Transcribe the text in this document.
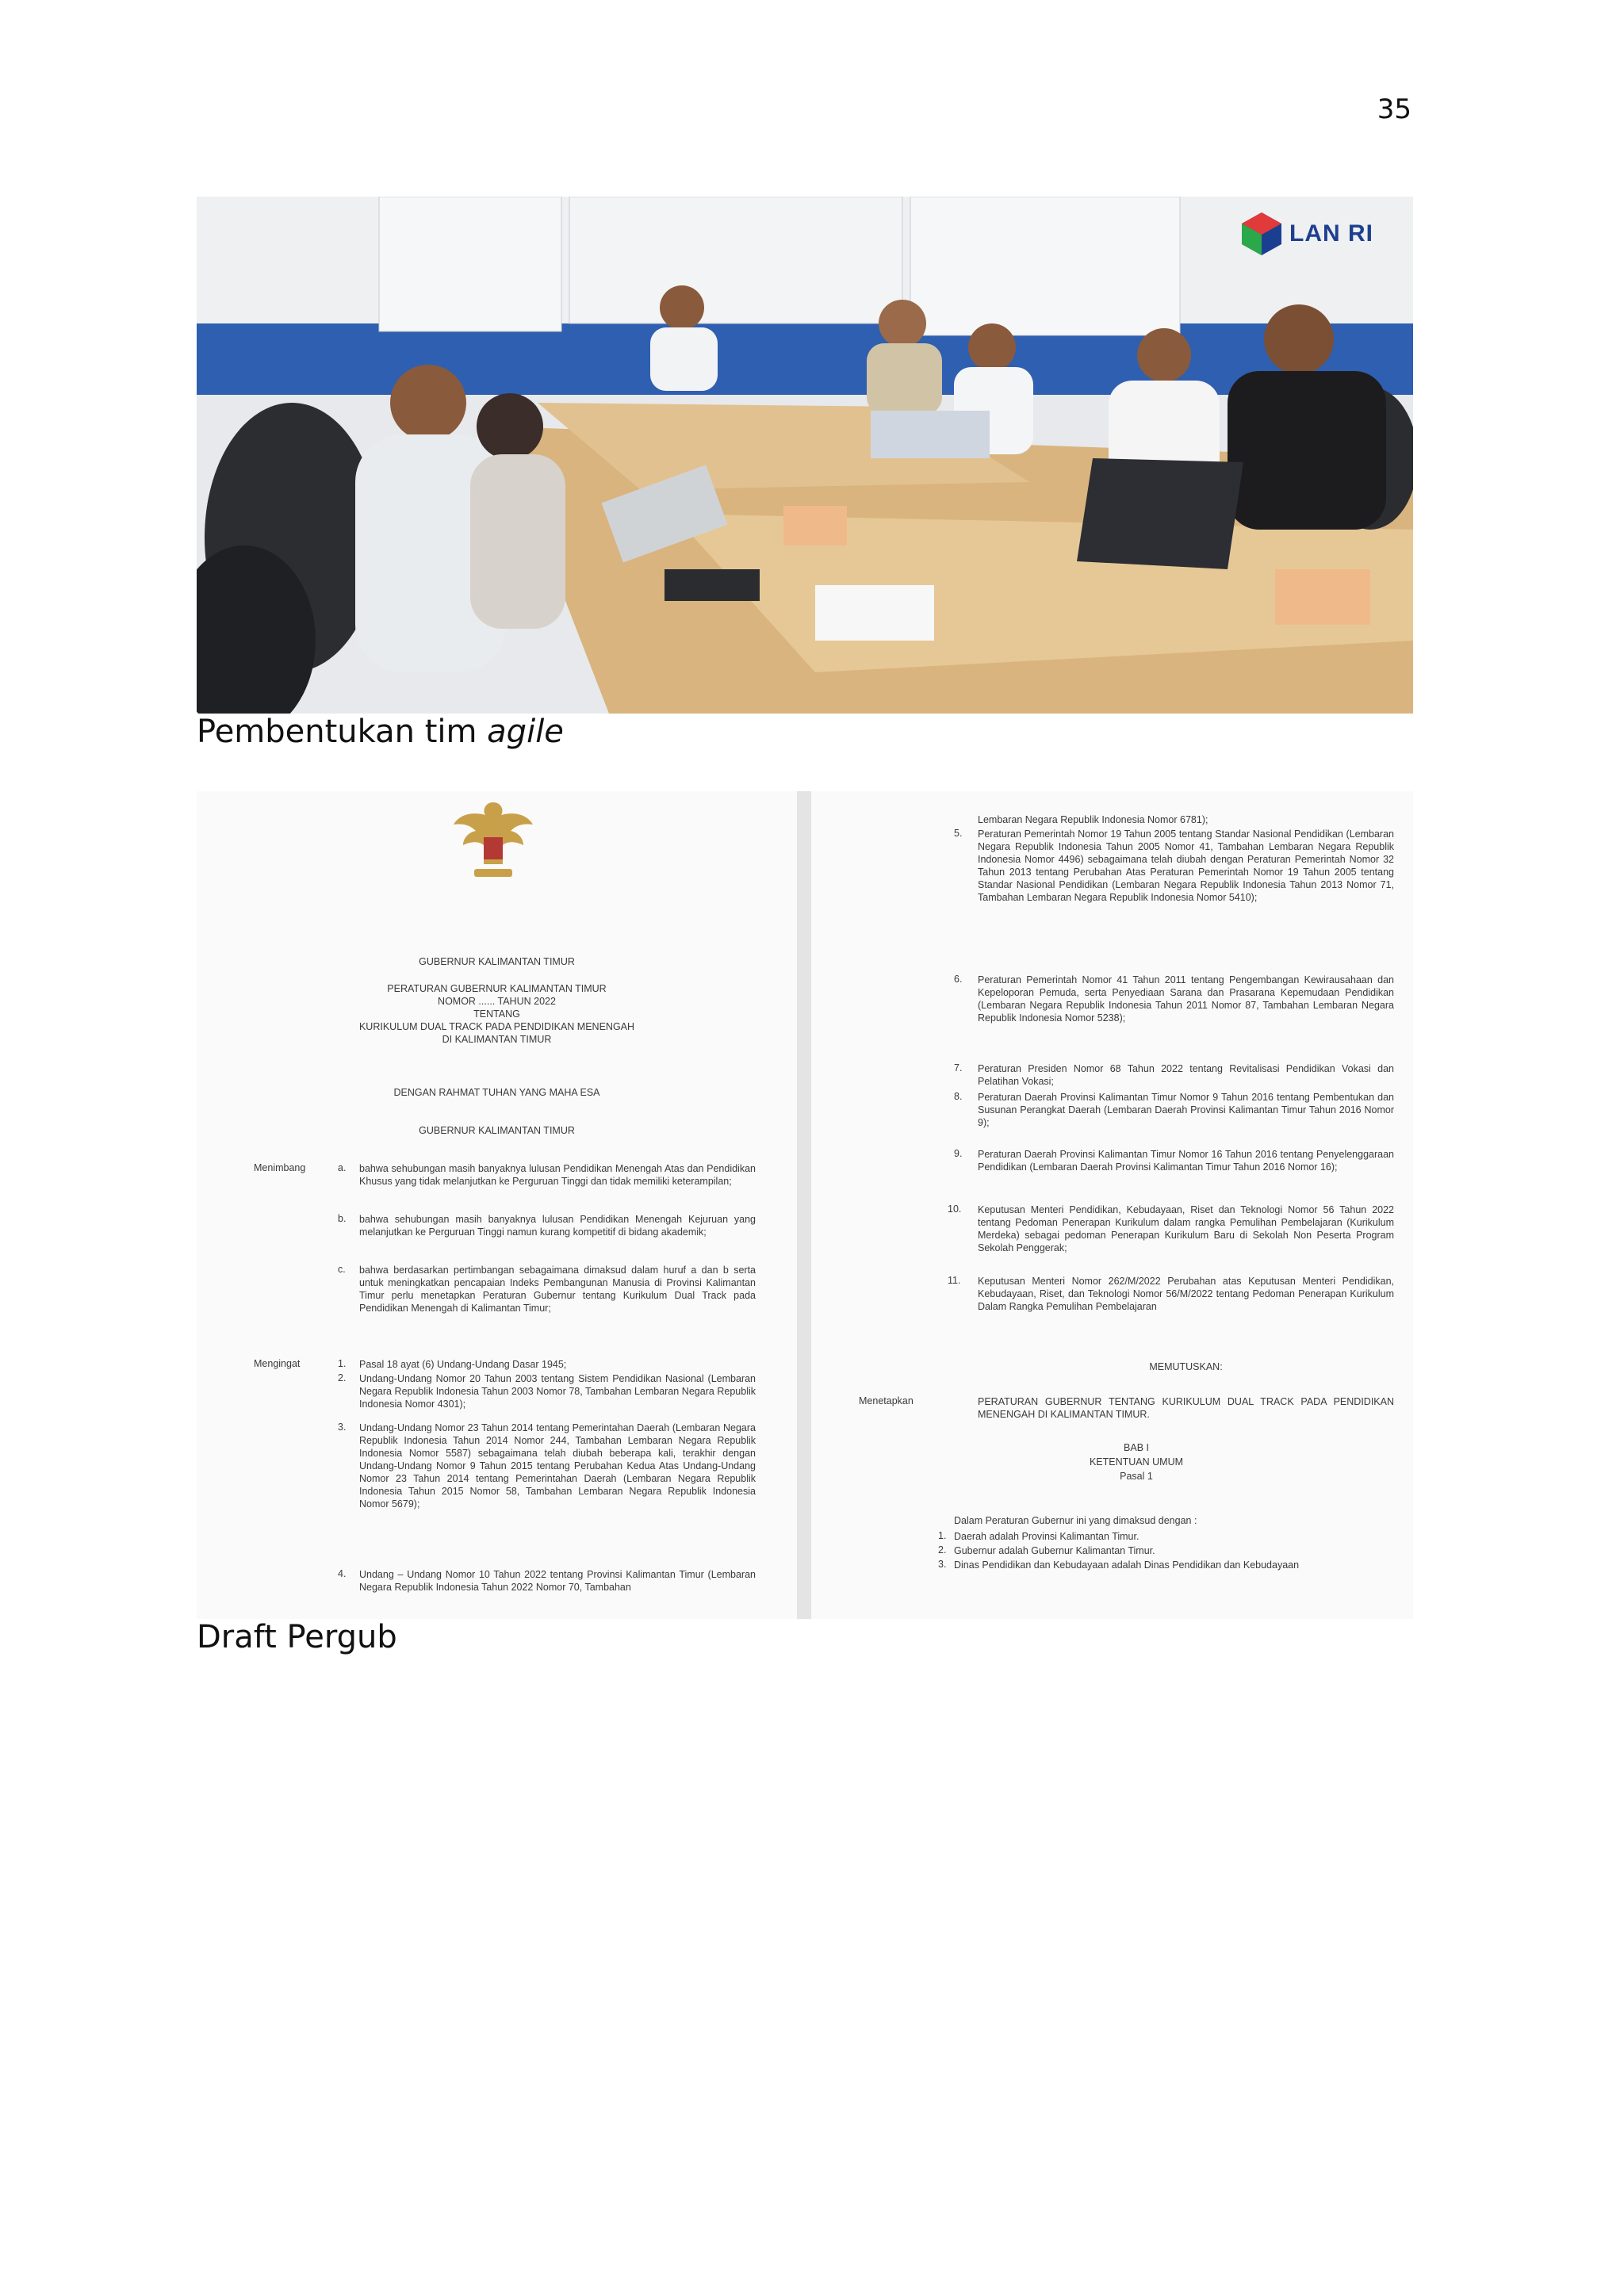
35
LAN RI
Pembentukan tim agile
GUBERNUR KALIMANTAN TIMUR
PERATURAN GUBERNUR KALIMANTAN TIMUR
NOMOR ...... TAHUN 2022
TENTANG
KURIKULUM DUAL TRACK PADA PENDIDIKAN MENENGAH
DI KALIMANTAN TIMUR
DENGAN RAHMAT TUHAN YANG MAHA ESA
GUBERNUR KALIMANTAN TIMUR
Menimbang	a. bahwa sehubungan masih banyaknya lulusan Pendidikan Menengah Atas dan Pendidikan Khusus yang tidak melanjutkan ke Perguruan Tinggi dan tidak memiliki keterampilan;
b. bahwa sehubungan masih banyaknya lulusan Pendidikan Menengah Kejuruan yang melanjutkan ke Perguruan Tinggi namun kurang kompetitif di bidang akademik;
c. bahwa berdasarkan pertimbangan sebagaimana dimaksud dalam huruf a dan b serta untuk meningkatkan pencapaian Indeks Pembangunan Manusia di Provinsi Kalimantan Timur perlu menetapkan Peraturan Gubernur tentang Kurikulum Dual Track pada Pendidikan Menengah di Kalimantan Timur;
Mengingat	1. Pasal 18 ayat (6) Undang-Undang Dasar 1945;
2. Undang-Undang Nomor 20 Tahun 2003 tentang Sistem Pendidikan Nasional (Lembaran Negara Republik Indonesia Tahun 2003 Nomor 78, Tambahan Lembaran Negara Republik Indonesia Nomor 4301);
3. Undang-Undang Nomor 23 Tahun 2014 tentang Pemerintahan Daerah (Lembaran Negara Republik Indonesia Tahun 2014 Nomor 244, Tambahan Lembaran Negara Republik Indonesia Nomor 5587) sebagaimana telah diubah beberapa kali, terakhir dengan Undang-Undang Nomor 9 Tahun 2015 tentang Perubahan Kedua Atas Undang-Undang Nomor 23 Tahun 2014 tentang Pemerintahan Daerah (Lembaran Negara Republik Indonesia Tahun 2015 Nomor 58, Tambahan Lembaran Negara Republik Indonesia Nomor 5679);
4. Undang – Undang Nomor 10 Tahun 2022 tentang Provinsi Kalimantan Timur (Lembaran Negara Republik Indonesia Tahun 2022 Nomor 70, Tambahan
Lembaran Negara Republik Indonesia Nomor 6781);
5. Peraturan Pemerintah Nomor 19 Tahun 2005 tentang Standar Nasional Pendidikan (Lembaran Negara Republik Indonesia Tahun 2005 Nomor 41, Tambahan Lembaran Negara Republik Indonesia Nomor 4496) sebagaimana telah diubah dengan Peraturan Pemerintah Nomor 32 Tahun 2013 tentang Perubahan Atas Peraturan Pemerintah Nomor 19 Tahun 2005 tentang Standar Nasional Pendidikan (Lembaran Negara Republik Indonesia Tahun 2013 Nomor 71, Tambahan Lembaran Negara Republik Indonesia Nomor 5410);
6. Peraturan Pemerintah Nomor 41 Tahun 2011 tentang Pengembangan Kewirausahaan dan Kepeloporan Pemuda, serta Penyediaan Sarana dan Prasarana Kepemudaan Pendidikan (Lembaran Negara Republik Indonesia Tahun 2011 Nomor 87, Tambahan Lembaran Negara Republik Indonesia Nomor 5238);
7. Peraturan Presiden Nomor 68 Tahun 2022 tentang Revitalisasi Pendidikan Vokasi dan Pelatihan Vokasi;
8. Peraturan Daerah Provinsi Kalimantan Timur Nomor 9 Tahun 2016 tentang Pembentukan dan Susunan Perangkat Daerah (Lembaran Daerah Provinsi Kalimantan Timur Tahun 2016 Nomor 9);
9. Peraturan Daerah Provinsi Kalimantan Timur Nomor 16 Tahun 2016 tentang Penyelenggaraan Pendidikan (Lembaran Daerah Provinsi Kalimantan Timur Tahun 2016 Nomor 16);
10. Keputusan Menteri Pendidikan, Kebudayaan, Riset dan Teknologi Nomor 56 Tahun 2022 tentang Pedoman Penerapan Kurikulum dalam rangka Pemulihan Pembelajaran (Kurikulum Merdeka) sebagai pedoman Penerapan Kurikulum Baru di Sekolah Non Peserta Program Sekolah Penggerak;
11. Keputusan Menteri Nomor 262/M/2022 Perubahan atas Keputusan Menteri Pendidikan, Kebudayaan, Riset, dan Teknologi Nomor 56/M/2022 tentang Pedoman Penerapan Kurikulum Dalam Rangka Pemulihan Pembelajaran
MEMUTUSKAN:
Menetapkan	PERATURAN GUBERNUR TENTANG KURIKULUM DUAL TRACK PADA PENDIDIKAN MENENGAH DI KALIMANTAN TIMUR.
BAB I
KETENTUAN UMUM
Pasal 1
Dalam Peraturan Gubernur ini yang dimaksud dengan :
1. Daerah adalah Provinsi Kalimantan Timur.
2. Gubernur adalah Gubernur Kalimantan Timur.
3. Dinas Pendidikan dan Kebudayaan adalah Dinas Pendidikan dan Kebudayaan
Draft Pergub
